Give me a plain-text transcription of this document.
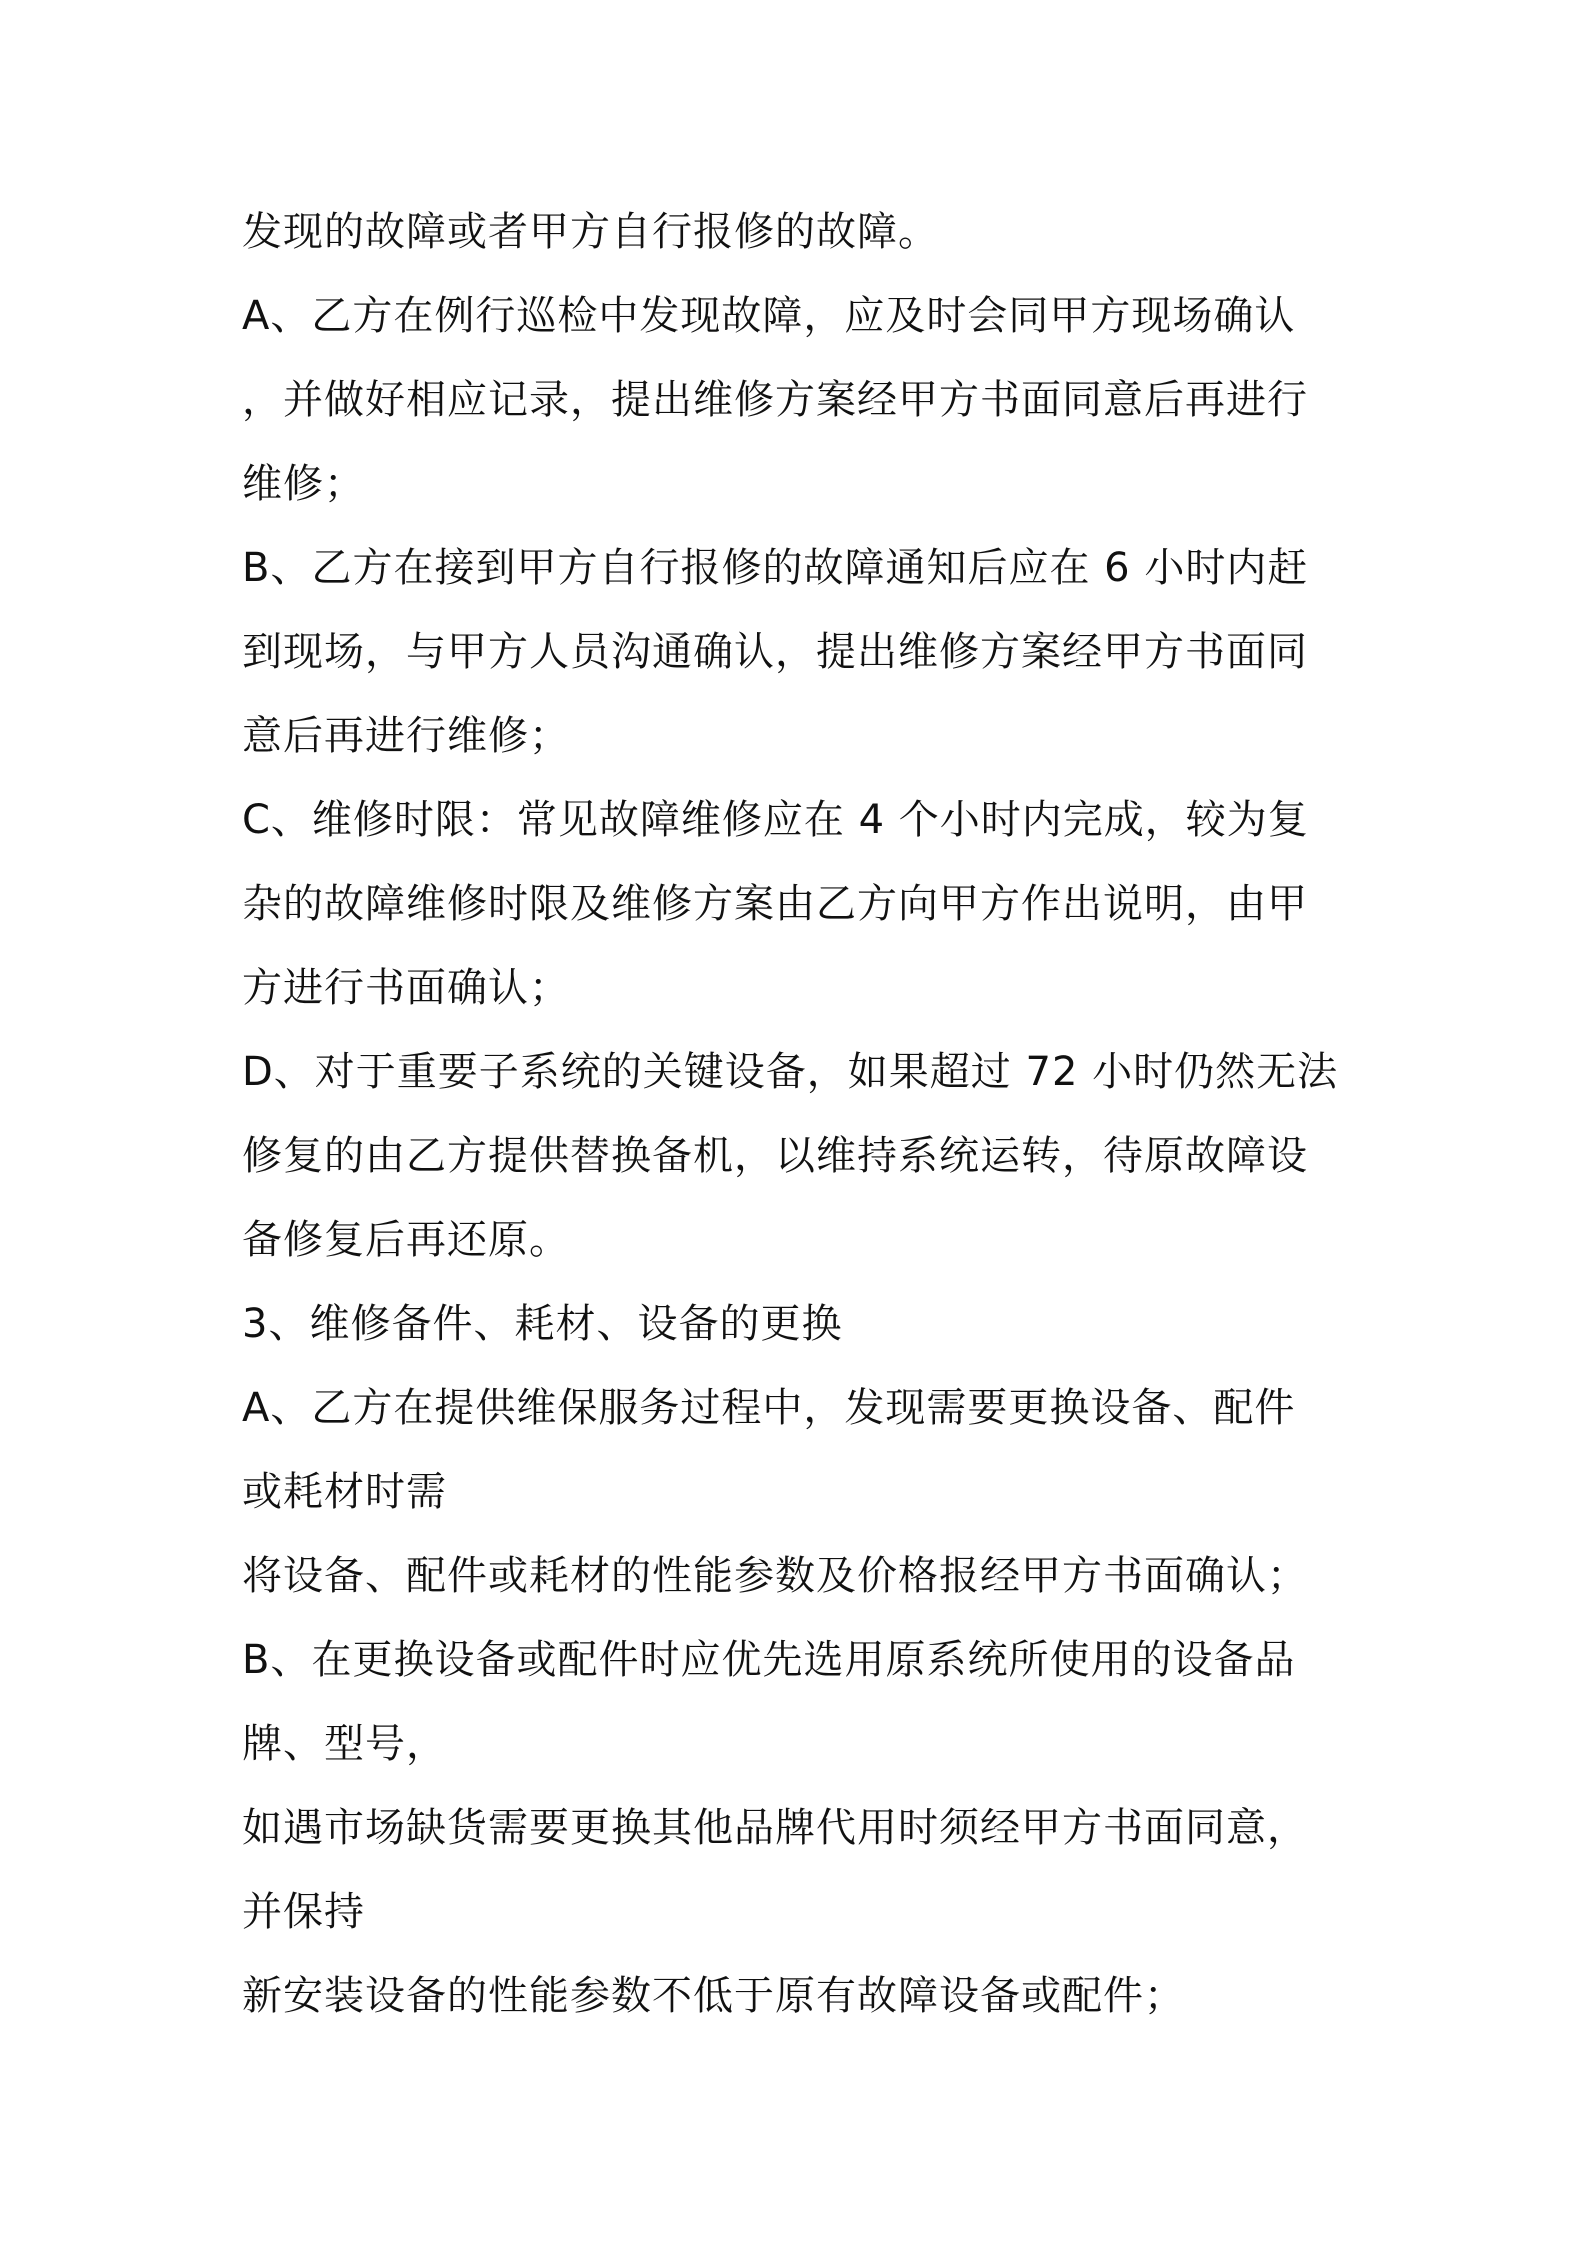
发现的故障或者甲方自行报修的故障。
A、乙方在例行巡检中发现故障，应及时会同甲方现场确认
，并做好相应记录，提出维修方案经甲方书面同意后再进行
维修；
B、乙方在接到甲方自行报修的故障通知后应在 6 小时内赶
到现场，与甲方人员沟通确认，提出维修方案经甲方书面同
意后再进行维修；
C、维修时限：常见故障维修应在 4 个小时内完成，较为复
杂的故障维修时限及维修方案由乙方向甲方作出说明，由甲
方进行书面确认；
D、对于重要子系统的关键设备，如果超过 72 小时仍然无法
修复的由乙方提供替换备机，以维持系统运转，待原故障设
备修复后再还原。
3、维修备件、耗材、设备的更换
A、乙方在提供维保服务过程中，发现需要更换设备、配件
或耗材时需
将设备、配件或耗材的性能参数及价格报经甲方书面确认；
B、在更换设备或配件时应优先选用原系统所使用的设备品
牌、型号，
如遇市场缺货需要更换其他品牌代用时须经甲方书面同意，
并保持
新安装设备的性能参数不低于原有故障设备或配件；
